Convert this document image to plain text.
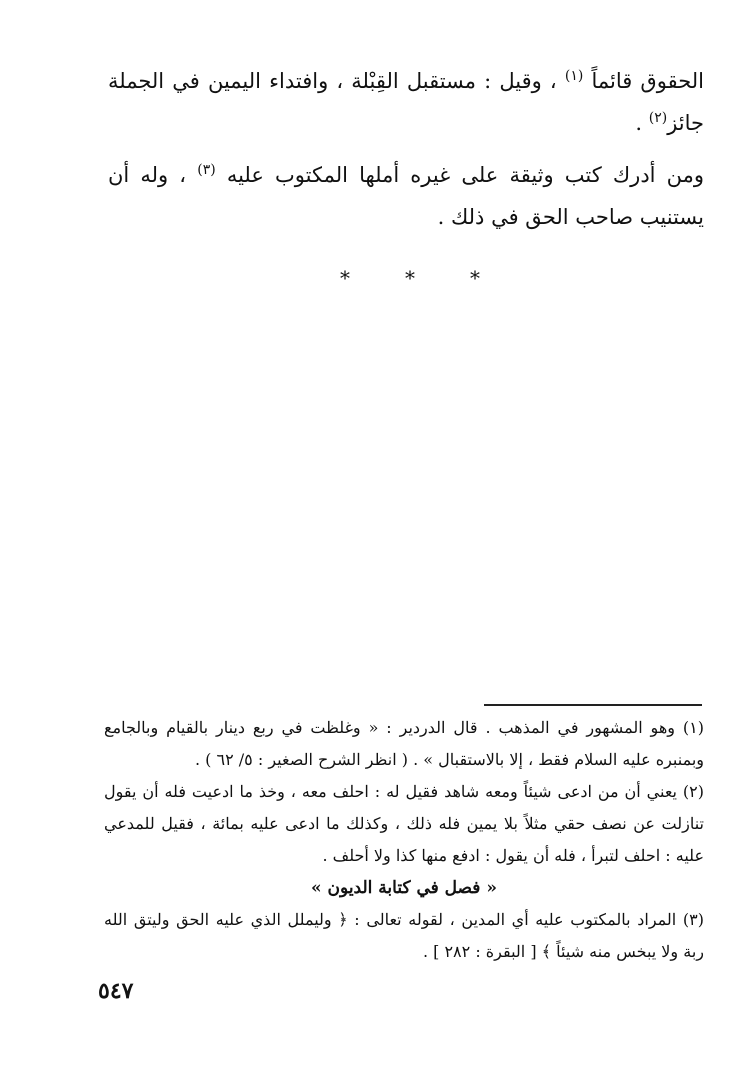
الحقوق قائماً $^{(١)}$ ، وقيل : مستقبل القِبْلة ، وافتداء اليمين في الجملة جائز$^{(٢)}$ .

ومن أدرك كتب وثيقة على غيره أملها المكتوب عليه $^{(٣)}$ ، وله أن يستنيب صاحب الحق في ذلك .

*	*	*

(١) وهو المشهور في المذهب . قال الدردير : « وغلظت في ربع دينار بالقيام وبالجامع وبمنبره عليه السلام فقط ، إلا بالاستقبال » . ( انظر الشرح الصغير : ٥/ ٦٢ ) .

(٢) يعني أن من ادعى شيئاً ومعه شاهد فقيل له : احلف معه ، وخذ ما ادعيت فله أن يقول تنازلت عن نصف حقي مثلاً بلا يمين فله ذلك ، وكذلك ما ادعى عليه بمائة ، فقيل للمدعي عليه : احلف لتبرأ ، فله أن يقول : ادفع منها كذا ولا أحلف .

« فصل في كتابة الديون »

(٣) المراد بالمكتوب عليه أي المدين ، لقوله تعالى : ﴿ وليملل الذي عليه الحق وليتق الله ربة ولا يبخس منه شيئاً ﴾ [ البقرة : ٢٨٢ ] .

٥٤٧
